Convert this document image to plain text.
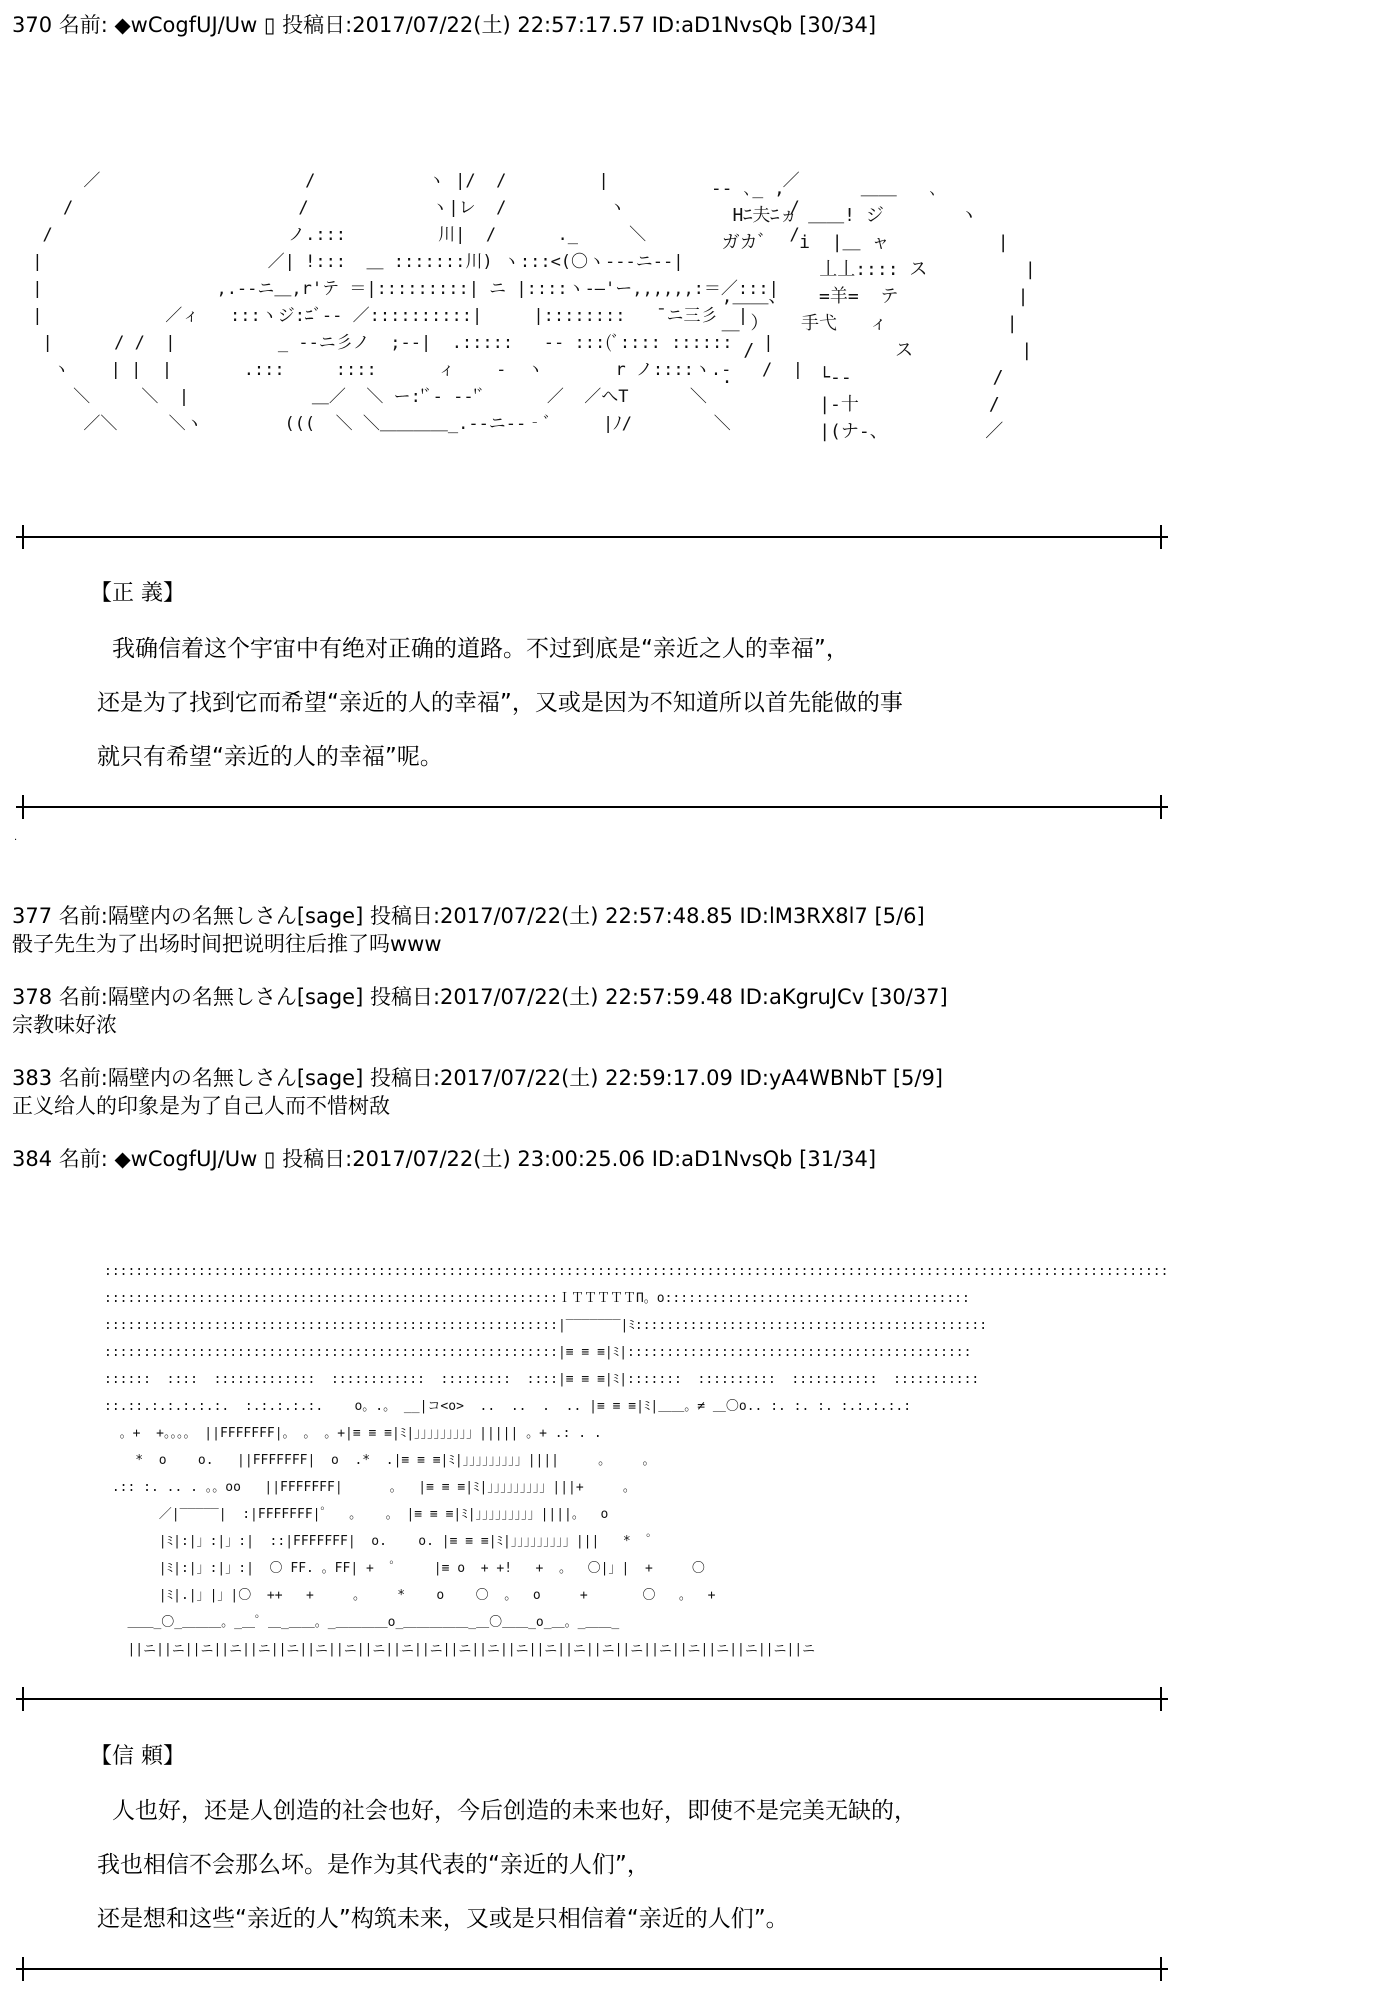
370 名前: ◆wCogfUJ/Uw ▯ 投稿日:2017/07/22(土) 22:57:17.57 ID:aD1NvsQb [30/34]
／                    /           ヽ |/  /         |                 ／
/                      /            ヽ|レ  /          ヽ                /
/                       ノ.:::         川|  /      ._     ＼              /
|                      ／| !:::  ＿ :::::::川) ヽ:::<(〇ヽ---ニ--|
|                 ,.-‐ニ＿,r'テ ＝|:::::::::| ニ |::::ヽ-―'ー,,,,,,:＝／:::|
|            ／ィ   :::ヽジ:ﾆﾞ-- ／::::::::::|     |::::::::   ̄ ニ三彡  |
|      / /  |          _ -‐ニ彡ノ  ;-‐|  .:::::   ‐- :::(ﾞ:::: ::::::   |
ヽ    | |  |       .:::     ::::      ィ    -  ヽ       r ノ::::ヽ.-   /  |
＼     ＼  |            ＿／  ＼ ー:'ﾞ- -‐'ﾞ      ／  ／へT      ＼
／＼     ＼ヽ        (((  ＼ ＼＿＿＿＿_.-‐ニ--‐ﾞ     |ﾉ/        ＼
-‐ ､_ ,       ＿＿   ､
Hﾆ夫ﾆヵ ＿＿! ジ       ヽ
ガカﾞ   i  |＿ ャ          |
丄丄:::: ス         |
,＿＿、   =羊=  テ           |
＿ ）   手弋   ィ           |
/             ス          |
.        └‐-             /
|-十            /
|(ナ-、         ／
【正 義】
我确信着这个宇宙中有绝对正确的道路。不过到底是“亲近之人的幸福”，
还是为了找到它而希望“亲近的人的幸福”，又或是因为不知道所以首先能做的事
就只有希望“亲近的人的幸福”呢。
.
377 名前:隔壁内の名無しさん[sage] 投稿日:2017/07/22(土) 22:57:48.85 ID:lM3RX8l7 [5/6]
骰子先生为了出场时间把说明往后推了吗www
378 名前:隔壁内の名無しさん[sage] 投稿日:2017/07/22(土) 22:57:59.48 ID:aKgruJCv [30/37]
宗教味好浓
383 名前:隔壁内の名無しさん[sage] 投稿日:2017/07/22(土) 22:59:17.09 ID:yA4WBNbT [5/9]
正义给人的印象是为了自己人而不惜树敌
384 名前: ◆wCogfUJ/Uw ▯ 投稿日:2017/07/22(土) 23:00:25.06 ID:aD1NvsQb [31/34]
::::::::::::::::::::::::::::::::::::::::::::::::::::::::::::::::::::::::::::::::::::::::::::::::::::::::::::::::::::::::::::::::::::::::
::::::::::::::::::::::::::::::::::::::::::::::::::::::::::ＩＴＴＴＴＴΠ。o:::::::::::::::::::::::::::::::::::::::
::::::::::::::::::::::::::::::::::::::::::::::::::::::::::|‾‾‾‾‾‾‾|ﾐ:::::::::::::::::::::::::::::::::::::::::::::
::::::::::::::::::::::::::::::::::::::::::::::::::::::::::|≡ ≡ ≡|ﾐ|::::::::::::::::::::::::::::::::::::::::::::
::::::  ::::  :::::::::::::  ::::::::::::  :::::::::  ::::|≡ ≡ ≡|ﾐ|:::::::  ::::::::::  :::::::::::  :::::::::::
::.::.:.:.:.:.:.  :.:.:.:.:.    o。.。 __|コ<o>  ..  ..  .  .. |≡ ≡ ≡|ﾐ|＿＿。≠ ＿〇o.. :. :. :. :.:.:.:.:
。+  +。。。。 ||FFFFFFF|。 。 。+|≡ ≡ ≡|ﾐ|」」」」」」」」」||||| 。+ .: . .
*  o    o.   ||FFFFFFF|  o  .*  .|≡ ≡ ≡|ﾐ|」」」」」」」」」||||     。    。
.:: :. .. . 。。oo   ||FFFFFFF|      。  |≡ ≡ ≡|ﾐ|」」」」」」」」」|||+     。
／|‾‾‾‾‾|  :|FFFFFFF|゜  。   。 |≡ ≡ ≡|ﾐ|」」」」」」」」」||||。  o
|ﾐ|:|」:|」:|  ::|FFFFFFF|  o.    o. |≡ ≡ ≡|ﾐ|」」」」」」」」」|||   *  ゜
|ﾐ|:|」:|」:|  〇 FF. 。FF| +  ゜    |≡ o  + +!   +  。  〇|」|  +     〇
|ﾐ|.|」|」|〇  ++   +     。    *    o    〇  。  o     +       〇   。  +
＿＿_〇_＿＿＿。_＿゜＿_＿＿。_＿＿＿＿o_＿＿＿＿＿_＿〇＿＿_o_＿。_＿＿_
||ニ||ニ||ニ||ニ||ニ||ニ||ニ||ニ||ニ||ニ||ニ||ニ||ニ||ニ||ニ||ニ||ニ||ニ||ニ||ニ||ニ||ニ||ニ||ニ
【信 頼】
人也好，还是人创造的社会也好，今后创造的未来也好，即使不是完美无缺的，
我也相信不会那么坏。是作为其代表的“亲近的人们”，
还是想和这些“亲近的人”构筑未来，又或是只相信着“亲近的人们”。
